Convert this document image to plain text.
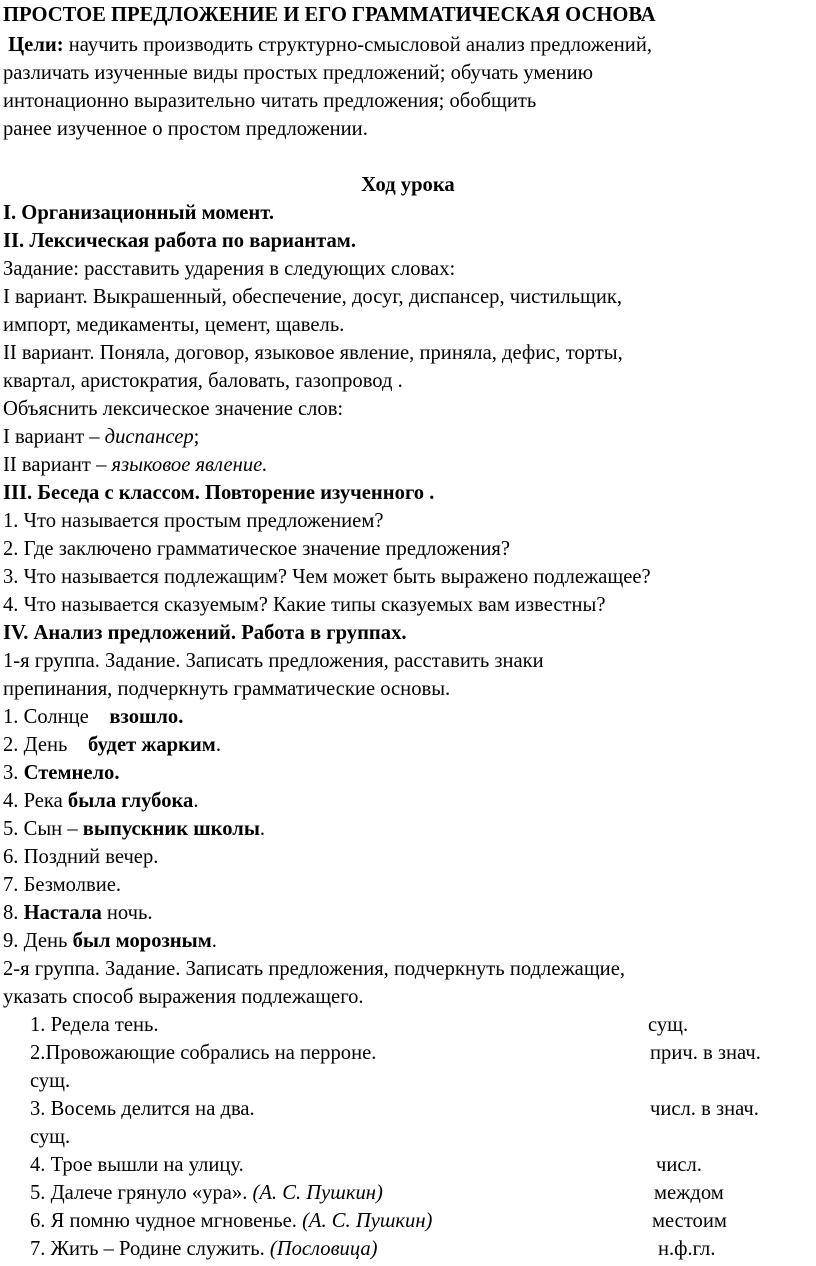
ПРОСТОЕ ПРЕДЛОЖЕНИЕ И ЕГО ГРАММАТИЧЕСКАЯ ОСНОВА
Цели: научить производить структурно-смысловой анализ предложений,
различать изученные виды простых предложений; обучать умению
интонационно выразительно читать предложения; обобщить
ранее изученное о простом предложении.
Ход урока
I. Организационный момент.
II. Лексическая работа по вариантам.
Задание: расставить ударения в следующих словах:
I вариант. Выкрашенный, обеспечение, досуг, диспансер, чистильщик,
импорт, медикаменты, цемент, щавель.
II вариант. Поняла, договор, языковое явление, приняла, дефис, торты,
квартал, аристократия, баловать, газопровод .
Объяснить лексическое значение слов:
I вариант – диспансер;
II вариант – языковое явление.
III. Беседа с классом. Повторение изученного .
1. Что называется простым предложением?
2. Где заключено грамматическое значение предложения?
3. Что называется подлежащим? Чем может быть выражено подлежащее?
4. Что называется сказуемым? Какие типы сказуемых вам известны?
IV. Анализ предложений. Работа в группах.
1-я группа. Задание. Записать предложения, расставить знаки
препинания, подчеркнуть грамматические основы.
1. Солнце    взошло.
2. День    будет жарким.
3. Стемнело.
4. Река была глубока.
5. Сын – выпускник школы.
6. Поздний вечер.
7. Безмолвие.
8. Настала ночь.
9. День был морозным.
2-я группа. Задание. Записать предложения, подчеркнуть подлежащие,
указать способ выражения подлежащего.
1. Редела тень.	сущ.
2.Провожающие собрались на перроне.	прич. в знач.
сущ.
3. Восемь делится на два.	числ. в знач.
сущ.
4. Трое вышли на улицу.	числ.
5. Далече грянуло «ура». (А. С. Пушкин)	междом
6. Я помню чудное мгновенье. (А. С. Пушкин)	местоим
7. Жить – Родине служить. (Пословица)	н.ф.гл.
